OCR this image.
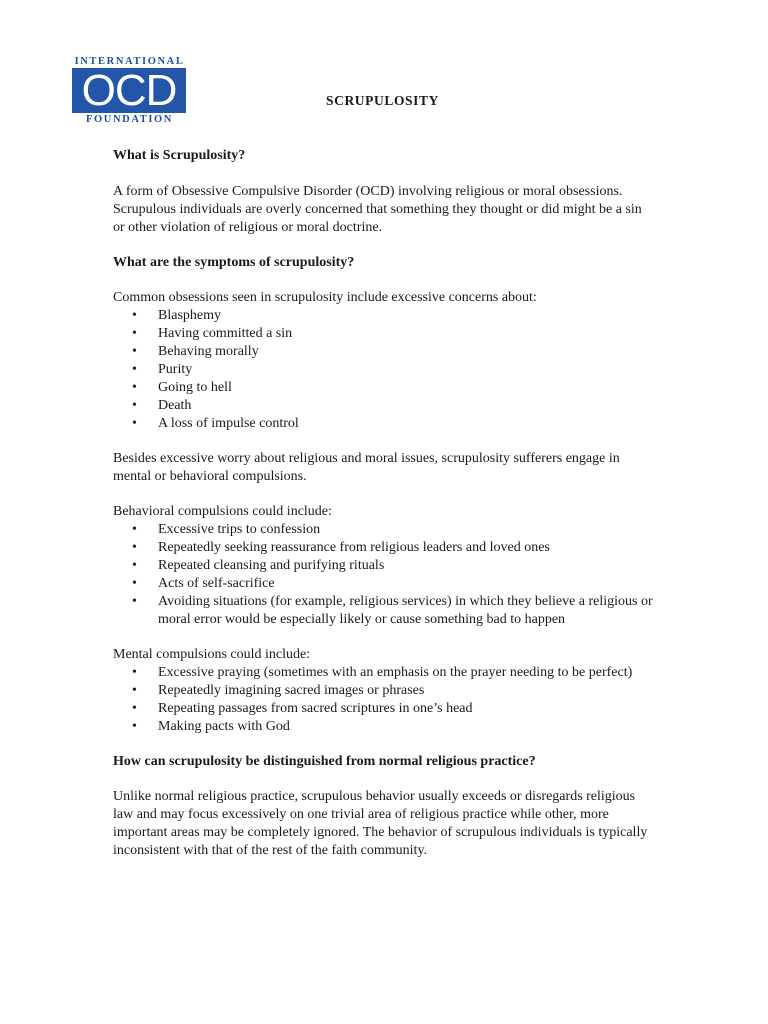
INTERNATIONAL
OCD
FOUNDATION
SCRUPULOSITY

What is Scrupulosity?

A form of Obsessive Compulsive Disorder (OCD) involving religious or moral obsessions. Scrupulous individuals are overly concerned that something they thought or did might be a sin or other violation of religious or moral doctrine.

What are the symptoms of scrupulosity?

Common obsessions seen in scrupulosity include excessive concerns about:

• Blasphemy
• Having committed a sin
• Behaving morally
• Purity
• Going to hell
• Death
• A loss of impulse control

Besides excessive worry about religious and moral issues, scrupulosity sufferers engage in mental or behavioral compulsions.

Behavioral compulsions could include:

• Excessive trips to confession
• Repeatedly seeking reassurance from religious leaders and loved ones
• Repeated cleansing and purifying rituals
• Acts of self-sacrifice
• Avoiding situations (for example, religious services) in which they believe a religious or moral error would be especially likely or cause something bad to happen

Mental compulsions could include:

• Excessive praying (sometimes with an emphasis on the prayer needing to be perfect)
• Repeatedly imagining sacred images or phrases
• Repeating passages from sacred scriptures in one’s head
• Making pacts with God

How can scrupulosity be distinguished from normal religious practice?

Unlike normal religious practice, scrupulous behavior usually exceeds or disregards religious law and may focus excessively on one trivial area of religious practice while other, more important areas may be completely ignored. The behavior of scrupulous individuals is typically inconsistent with that of the rest of the faith community.
